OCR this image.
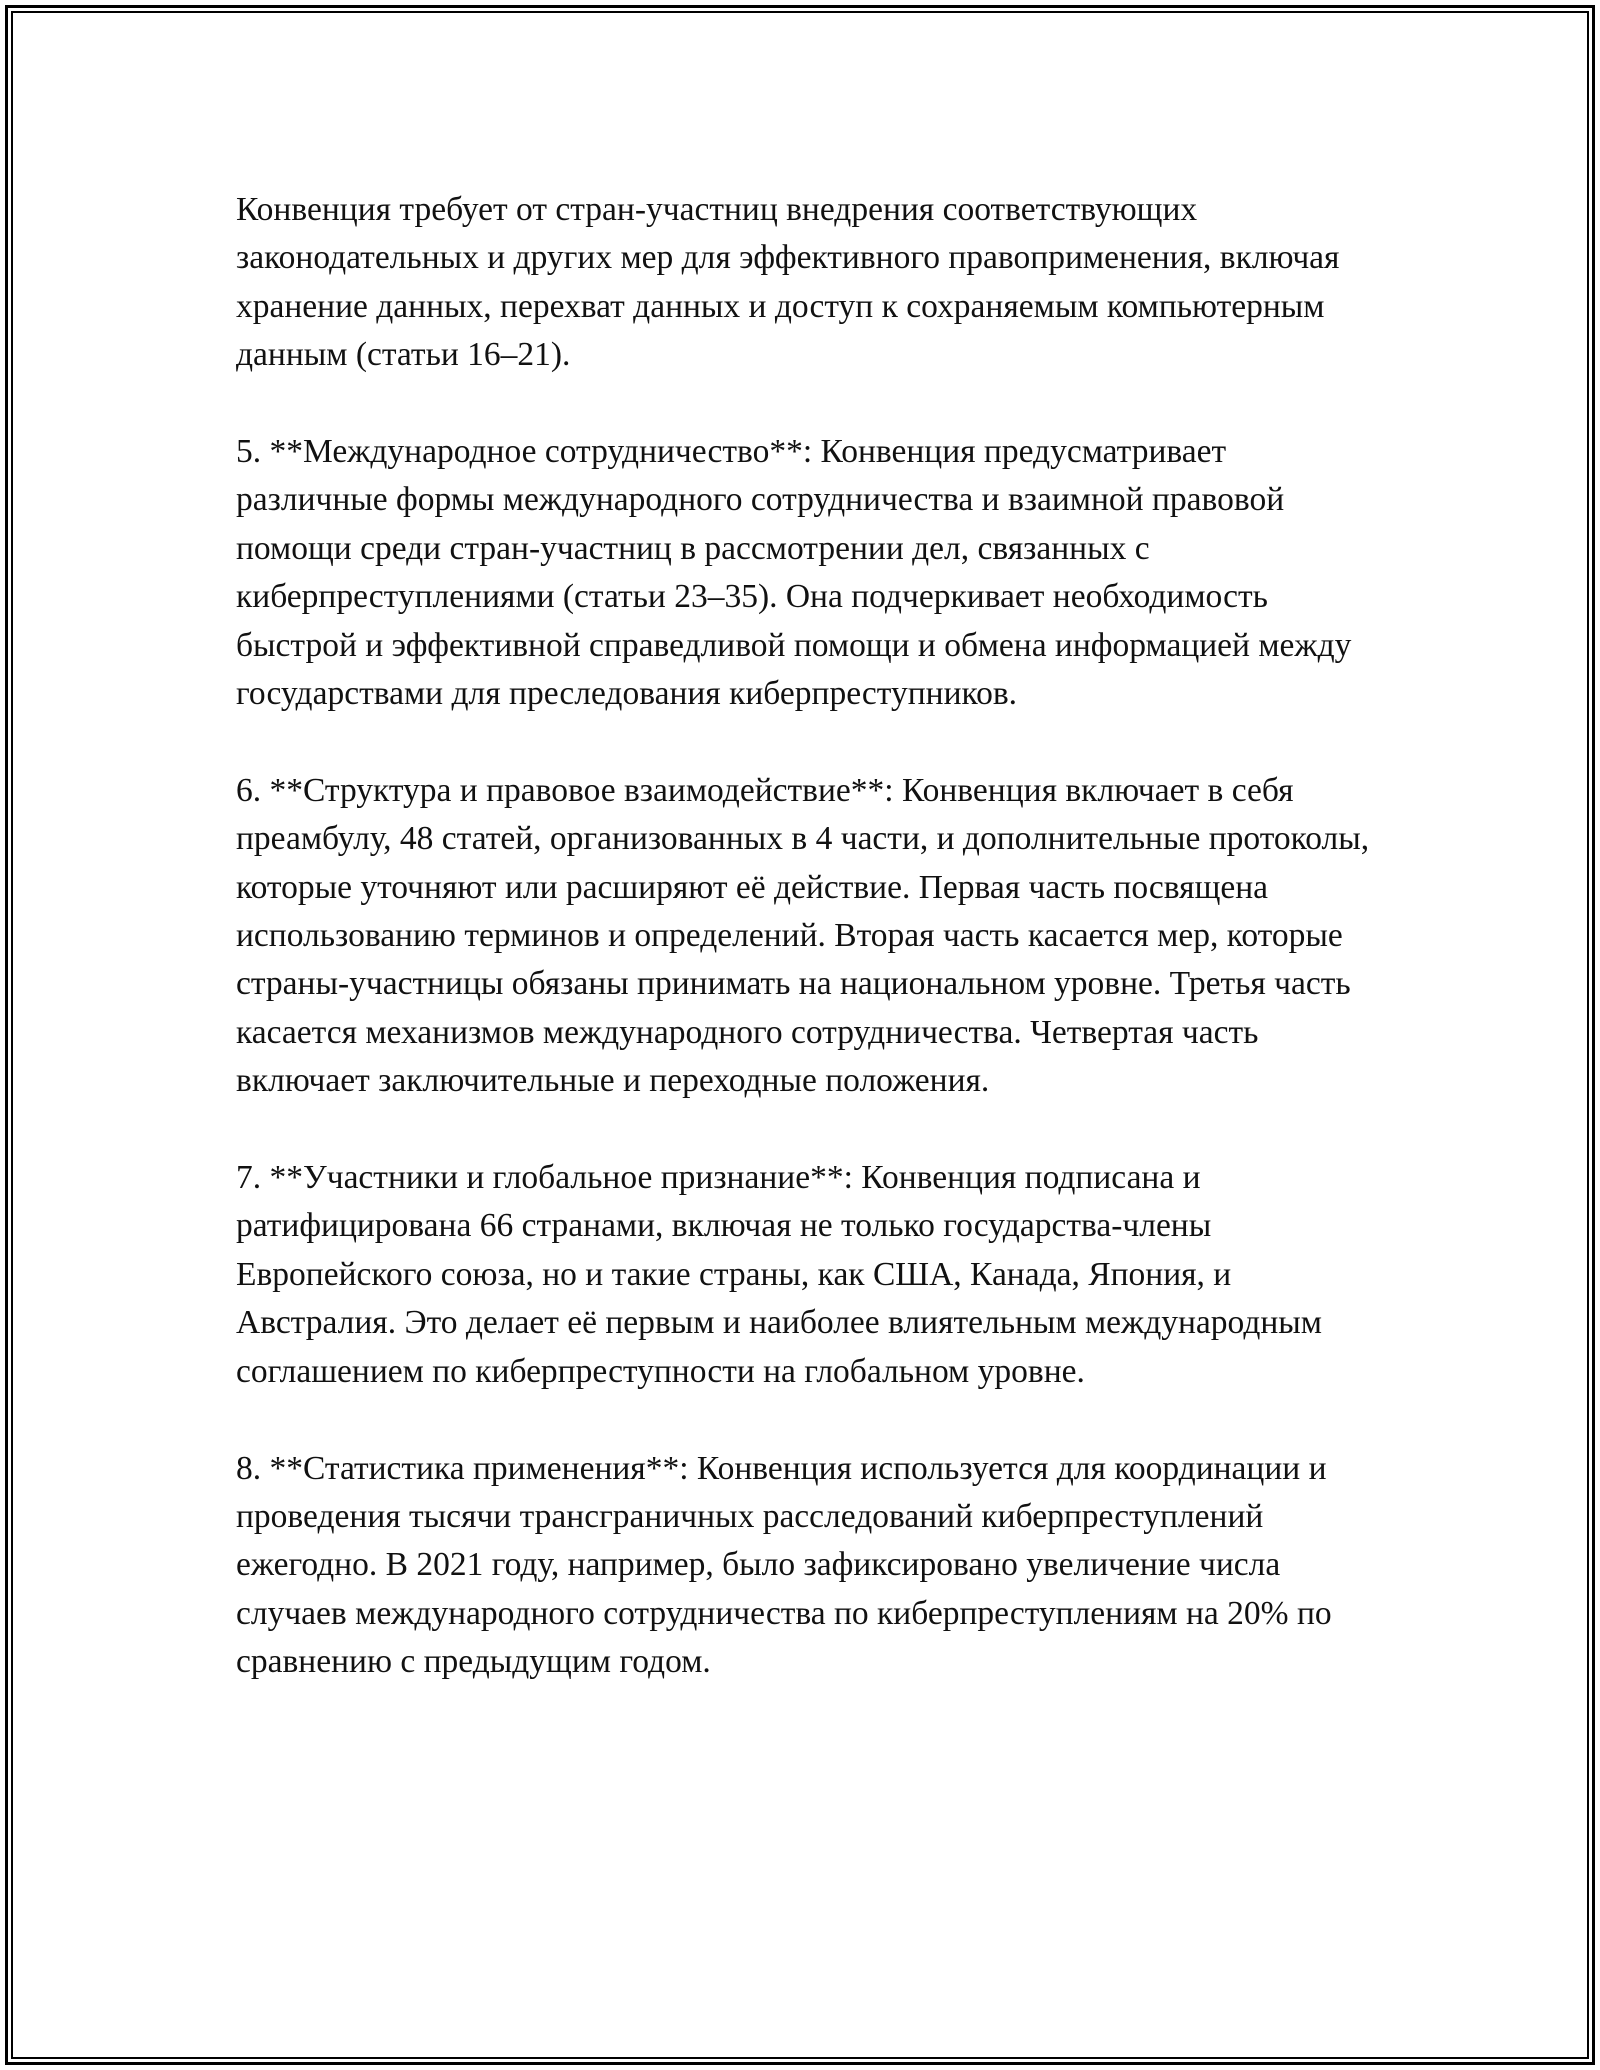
Конвенция требует от стран-участниц внедрения соответствующих законодательных и других мер для эффективного правоприменения, включая хранение данных, перехват данных и доступ к сохраняемым компьютерным данным (статьи 16–21).

5. **Международное сотрудничество**: Конвенция предусматривает различные формы международного сотрудничества и взаимной правовой помощи среди стран-участниц в рассмотрении дел, связанных с киберпреступлениями (статьи 23–35). Она подчеркивает необходимость быстрой и эффективной справедливой помощи и обмена информацией между государствами для преследования киберпреступников.

6. **Структура и правовое взаимодействие**: Конвенция включает в себя преамбулу, 48 статей, организованных в 4 части, и дополнительные протоколы, которые уточняют или расширяют её действие. Первая часть посвящена использованию терминов и определений. Вторая часть касается мер, которые страны-участницы обязаны принимать на национальном уровне. Третья часть касается механизмов международного сотрудничества. Четвертая часть включает заключительные и переходные положения.

7. **Участники и глобальное признание**: Конвенция подписана и ратифицирована 66 странами, включая не только государства-члены Европейского союза, но и такие страны, как США, Канада, Япония, и Австралия. Это делает её первым и наиболее влиятельным международным соглашением по киберпреступности на глобальном уровне.

8. **Статистика применения**: Конвенция используется для координации и проведения тысячи трансграничных расследований киберпреступлений ежегодно. В 2021 году, например, было зафиксировано увеличение числа случаев международного сотрудничества по киберпреступлениям на 20% по сравнению с предыдущим годом.
